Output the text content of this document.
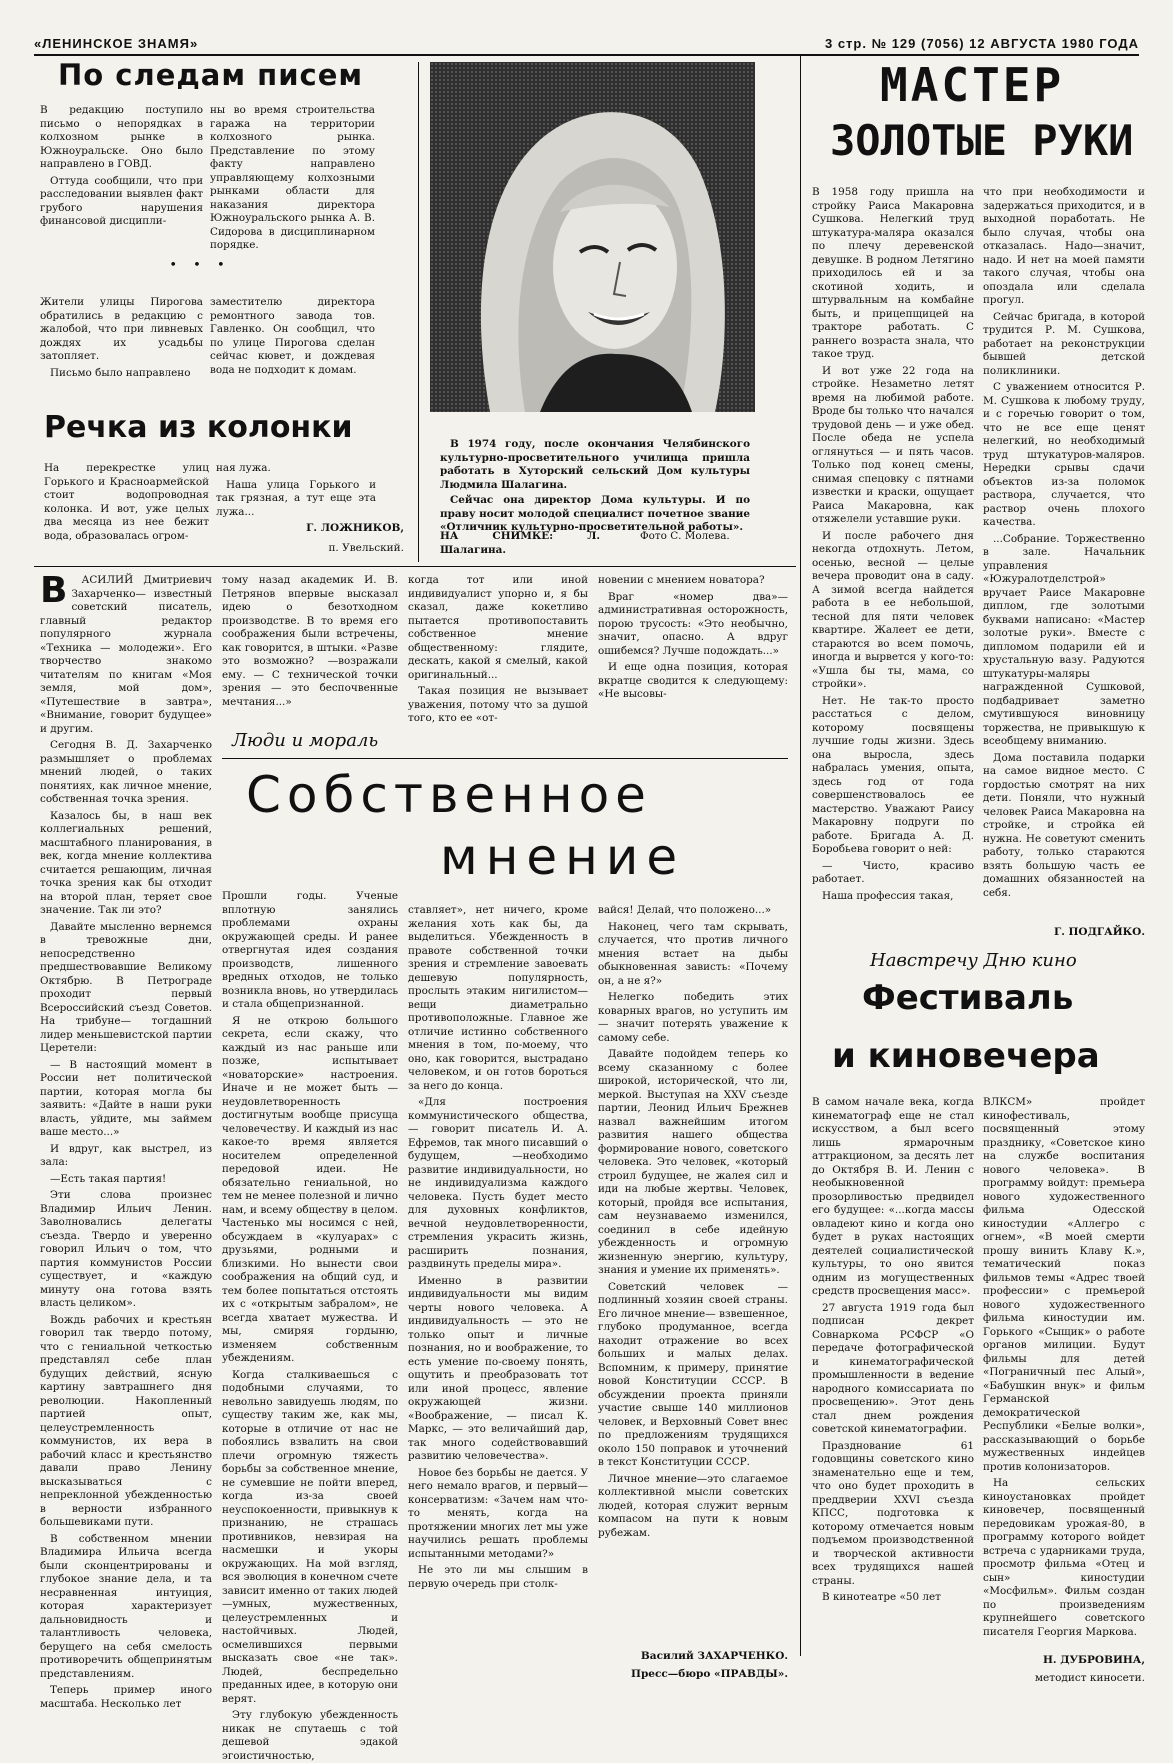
«ЛЕНИНСКОЕ ЗНАМЯ»	3 стр. № 129 (7056) 12 АВГУСТА 1980 ГОДА
По следам писем

В редакцию поступило письмо о непорядках в колхозном рынке в Южноуральске. Оно было направлено в ГОВД.

Оттуда сообщили, что при расследовании выявлен факт грубого нарушения финансовой дисципли-

ны во время строительства гаража на территории колхозного рынка. Представление по этому факту направлено управляющему колхозными рынками области для наказания директора Южноуральского рынка А. В. Сидорова в дисциплинарном порядке.

• • •

Жители улицы Пирогова обратились в редакцию с жалобой, что при ливневых дождях их усадьбы затопляет.

Письмо было направлено

заместителю директора ремонтного завода тов. Гавленко. Он сообщил, что по улице Пирогова сделан сейчас кювет, и дождевая вода не подходит к домам.

Речка из колонки

На перекрестке улиц Горького и Красноармейской стоит водопроводная колонка. И вот, уже целых два месяца из нее бежит вода, образовалась огром-

ная лужа.

Наша улица Горького и так грязная, а тут еще эта лужа...

Г. ЛОЖНИКОВ,
п. Увельский.

В 1974 году, после окончания Челябинского культурно-просветительного училища пришла работать в Хуторский сельский Дом культуры Людмила Шалагина.

Сейчас она директор Дома культуры. И по праву носит молодой специалист почетное звание «Отличник культурно-просветительной работы».

НА СНИМКЕ: Л. Шалагина.
Фото С. Молева.
МАСТЕР
ЗОЛОТЫЕ РУКИ

В 1958 году пришла на стройку Раиса Макаровна Сушкова. Нелегкий труд штукатура-маляра оказался по плечу деревенской девушке. В родном Летягино приходилось ей и за скотиной ходить, и штурвальным на комбайне быть, и прицепщицей на тракторе работать. С раннего возраста знала, что такое труд.

И вот уже 22 года на стройке. Незаметно летят время на любимой работе. Вроде бы только что начался трудовой день — и уже обед. После обеда не успела оглянуться — и пять часов. Только под конец смены, снимая спецовку с пятнами известки и краски, ощущает Раиса Макаровна, как отяжелели уставшие руки.

И после рабочего дня некогда отдохнуть. Летом, осенью, весной — целые вечера проводит она в саду. А зимой всегда найдется работа в ее небольшой, тесной для пяти человек квартире. Жалеет ее дети, стараются во всем помочь, иногда и вырвется у кого-то: «Ушла бы ты, мама, со стройки».

Нет. Не так-то просто расстаться с делом, которому посвящены лучшие годы жизни. Здесь она выросла, здесь набралась умения, опыта, здесь год от года совершенствовалось ее мастерство. Уважают Раису Макаровну подруги по работе. Бригада А. Д. Боробьева говорит о ней:

— Чисто, красиво работает.

Наша профессия такая,

что при необходимости и задержаться приходится, и в выходной поработать. Не было случая, чтобы она отказалась. Надо—значит, надо. И нет на моей памяти такого случая, чтобы она опоздала или сделала прогул.

Сейчас бригада, в которой трудится Р. М. Сушкова, работает на реконструкции бывшей детской поликлиники.

С уважением относится Р. М. Сушкова к любому труду, и с горечью говорит о том, что не все еще ценят нелегкий, но необходимый труд штукатуров-маляров. Нередки срывы сдачи объектов из-за поломок раствора, случается, что раствор очень плохого качества.

...Собрание. Торжественно в зале. Начальник управления «Южуралотделстрой» вручает Раисе Макаровне диплом, где золотыми буквами написано: «Мастер золотые руки». Вместе с дипломом подарили ей и хрустальную вазу. Радуются штукатуры-маляры награжденной Сушковой, подбадривает заметно смутившуюся виновницу торжества, не привыкшую к всеобщему вниманию.

Дома поставила подарки на самое видное место. С гордостью смотрят на них дети. Поняли, что нужный человек Раиса Макаровна на стройке, и стройка ей нужна. Не советуют сменить работу, только стараются взять большую часть ее домашних обязанностей на себя.

Г. ПОДГАЙКО.
Навстречу Дню кино
Фестиваль
и киновечера

В самом начале века, когда кинематограф еще не стал искусством, а был всего лишь ярмарочным аттракционом, за десять лет до Октября В. И. Ленин с необыкновенной прозорливостью предвидел его будущее: «...когда массы овладеют кино и когда оно будет в руках настоящих деятелей социалистической культуры, то оно явится одним из могущественных средств просвещения масс».

27 августа 1919 года был подписан декрет Совнаркома РСФСР «О передаче фотографической и кинематографической промышленности в ведение народного комиссариата по просвещению». Этот день стал днем рождения советской кинематографии.

Празднование 61 годовщины советского кино знаменательно еще и тем, что оно будет проходить в преддверии XXVI съезда КПСС, подготовка к которому отмечается новым подъемом производственной и творческой активности всех трудящихся нашей страны.

В кинотеатре «50 лет

ВЛКСМ» пройдет кинофестиваль, посвященный этому празднику, «Советское кино на службе воспитания нового человека». В программу войдут: премьера нового художественного фильма Одесской киностудии «Аллегро с огнем», «В моей смерти прошу винить Клаву К.», тематический показ фильмов темы «Адрес твоей профессии» с премьерой нового художественного фильма киностудии им. Горького «Сыщик» о работе органов милиции. Будут фильмы для детей «Пограничный пес Алый», «Бабушкин внук» и фильм Германской демократической Республики «Белые волки», рассказывающий о борьбе мужественных индейцев против колонизаторов.

На сельских киноустановках пройдет киновечер, посвященный передовикам урожая-80, в программу которого войдет встреча с ударниками труда, просмотр фильма «Отец и сын» киностудии «Мосфильм». Фильм создан по произведениям крупнейшего советского писателя Георгия Маркова.

Н. ДУБРОВИНА,
методист киносети.
В	АСИЛИЙ Дмитриевич Захарченко— известный советский писатель, главный редактор популярного журнала «Техника — молодежи». Его творчество знакомо читателям по книгам «Моя земля, мой дом», «Путешествие в завтра», «Внимание, говорит будущее» и другим.

Сегодня В. Д. Захарченко размышляет о проблемах мнений людей, о таких понятиях, как личное мнение, собственная точка зрения.

Казалось бы, в наш век коллегиальных решений, масштабного планирования, в век, когда мнение коллектива считается решающим, личная точка зрения как бы отходит на второй план, теряет свое значение. Так ли это?

Давайте мысленно вернемся в тревожные дни, непосредственно предшествовавшие Великому Октябрю. В Петрограде проходит первый Всероссийский съезд Советов. На трибуне— тогдашний лидер меньшевистской партии Церетели:

— В настоящий момент в России нет политической партии, которая могла бы заявить: «Дайте в наши руки власть, уйдите, мы займем ваше место...»

И вдруг, как выстрел, из зала:

—Есть такая партия!

Эти слова произнес Владимир Ильич Ленин. Заволновались делегаты съезда. Твердо и уверенно говорил Ильич о том, что партия коммунистов России существует, и «каждую минуту она готова взять власть целиком».

Вождь рабочих и крестьян говорил так твердо потому, что с гениальной четкостью представлял себе план будущих действий, ясную картину завтрашнего дня революции. Накопленный партией опыт, целеустремленность коммунистов, их вера в рабочий класс и крестьянство давали право Ленину высказываться с непреклонной убежденностью в верности избранного большевиками пути.

В собственном мнении Владимира Ильича всегда были сконцентрированы и глубокое знание дела, и та несравненная интуиция, которая характеризует дальновидность и талантливость человека, берущего на себя смелость противоречить общепринятым представлениям.

Теперь пример иного масштаба. Несколько лет

тому назад академик И. В. Петрянов впервые высказал идею о безотходном производстве. В то время его соображения были встречены, как говорится, в штыки. «Разве это возможно? —возражали ему. — С технической точки зрения — это беспочвенные мечтания...»

когда тот или иной индивидуалист упорно и, я бы сказал, даже кокетливо пытается противопоставить собственное мнение общественному: глядите, дескать, какой я смелый, какой оригинальный...

Такая позиция не вызывает уважения, потому что за душой того, кто ее «от-

новении с мнением новатора?

Враг «номер два»—административная осторожность, порою трусость: «Это необычно, значит, опасно. А вдруг ошибемся? Лучше подождать...»

И еще одна позиция, которая вкратце сводится к следующему: «Не высовы-

Люди и мораль
Собственное
мнение

Прошли годы. Ученые вплотную занялись проблемами охраны окружающей среды. И ранее отвергнутая идея создания производств, лишенного вредных отходов, не только возникла вновь, но утвердилась и стала общепризнанной.

Я не открою большого секрета, если скажу, что каждый из нас раньше или позже, испытывает «новаторские» настроения. Иначе и не может быть — неудовлетворенность достигнутым вообще присуща человечеству. И каждый из нас какое-то время является носителем определенной передовой идеи. Не обязательно гениальной, но тем не менее полезной и лично нам, и всему обществу в целом. Частенько мы носимся с ней, обсуждаем в «кулуарах» с друзьями, родными и близкими. Но вынести свои соображения на общий суд, и тем более попытаться отстоять их с «открытым забралом», не всегда хватает мужества. И мы, смиряя гордыню, изменяем собственным убеждениям.

Когда сталкиваешься с подобными случаями, то невольно завидуешь людям, по существу таким же, как мы, которые в отличие от нас не побоялись взвалить на свои плечи огромную тяжесть борьбы за собственное мнение, не сумевшие не пойти вперед, когда из-за своей неуспокоенности, привыкнув к признанию, не страшась противников, невзирая на насмешки и укоры окружающих. На мой взгляд, вся эволюция в конечном счете зависит именно от таких людей—умных, мужественных, целеустремленных и настойчивых. Людей, осмелившихся первыми высказать свое «не так». Людей, беспредельно преданных идее, в которую они верят.

Эту глубокую убежденность никак не спутаешь с той дешевой эдакой эгоистичностью,

ставляет», нет ничего, кроме желания хоть как бы, да выделиться. Убежденность в правоте собственной точки зрения и стремление завоевать дешевую популярность, прослыть этаким нигилистом— вещи диаметрально противоположные. Главное же отличие истинно собственного мнения в том, по-моему, что оно, как говорится, выстрадано человеком, и он готов бороться за него до конца.

«Для построения коммунистического общества, — говорит писатель И. А. Ефремов, так много писавший о будущем, —необходимо развитие индивидуальности, но не индивидуализма каждого человека. Пусть будет место для духовных конфликтов, вечной неудовлетворенности, стремления украсить жизнь, расширить познания, раздвинуть пределы мира».

Именно в развитии индивидуальности мы видим черты нового человека. А индивидуальность — это не только опыт и личные познания, но и воображение, то есть умение по-своему понять, ощутить и преобразовать тот или иной процесс, явление окружающей жизни. «Воображение, — писал К. Маркс, — это величайший дар, так много содействовавший развитию человечества».

Новое без борьбы не дается. У него немало врагов, и первый— консерватизм: «Зачем нам что-то менять, когда на протяжении многих лет мы уже научились решать проблемы испытанными методами?»

Не это ли мы слышим в первую очередь при столк-

вайся! Делай, что положено...»

Наконец, чего там скрывать, случается, что против личного мнения встает на дыбы обыкновенная зависть: «Почему он, а не я?»

Нелегко победить этих коварных врагов, но уступить им— значит потерять уважение к самому себе.

Давайте подойдем теперь ко всему сказанному с более широкой, исторической, что ли, меркой. Выступая на XXV съезде партии, Леонид Ильич Брежнев назвал важнейшим итогом развития нашего общества формирование нового, советского человека. Это человек, «который строил будущее, не жалея сил и иди на любые жертвы. Человек, который, пройдя все испытания, сам неузнаваемо изменился, соединил в себе идейную убежденность и огромную жизненную энергию, культуру, знания и умение их применять».

Советский человек —подлинный хозяин своей страны. Его личное мнение— взвешенное, глубоко продуманное, всегда находит отражение во всех больших и малых делах. Вспомним, к примеру, принятие новой Конституции СССР. В обсуждении проекта приняли участие свыше 140 миллионов человек, и Верховный Совет внес по предложениям трудящихся около 150 поправок и уточнений в текст Конституции СССР.

Личное мнение—это слагаемое коллективной мысли советских людей, которая служит верным компасом на пути к новым рубежам.

Василий ЗАХАРЧЕНКО.
Пресс—бюро «ПРАВДЫ».
